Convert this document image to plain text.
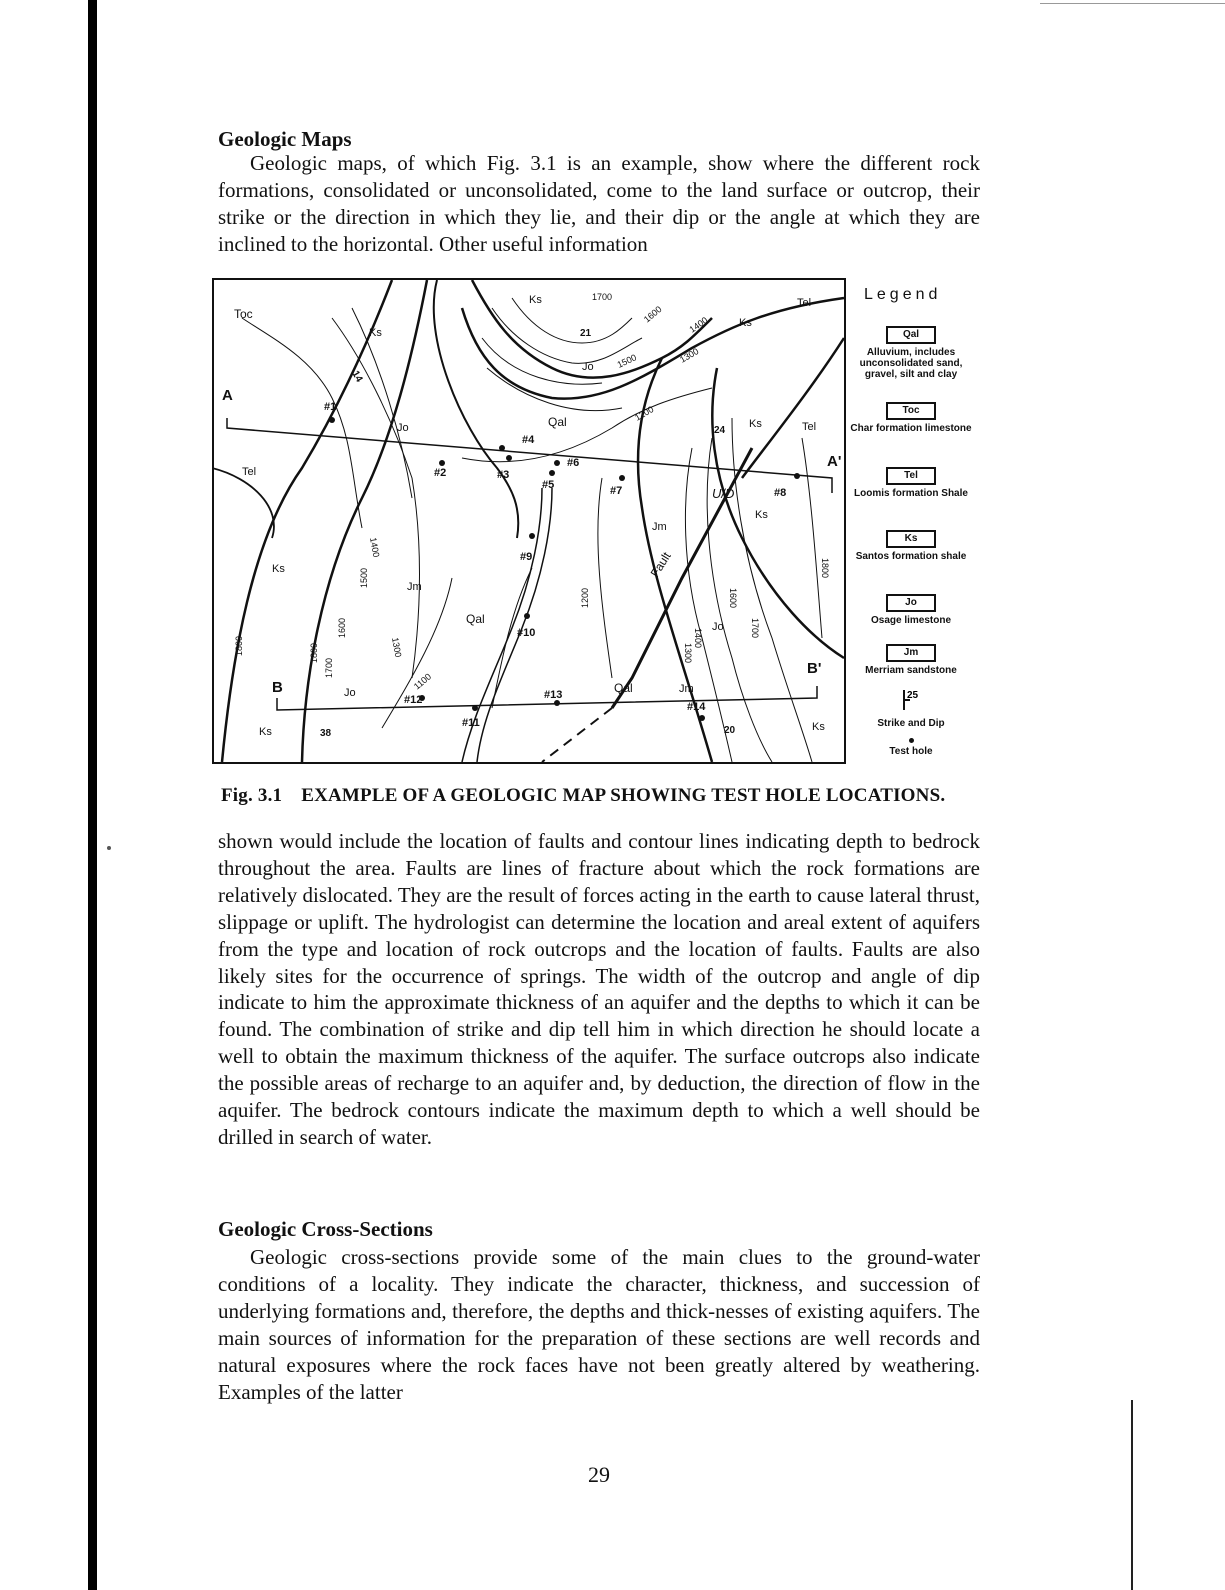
Geologic Maps

Geologic maps, of which Fig. 3.1 is an example, show where the different rock formations, consolidated or unconsolidated, come to the land surface or outcrop, their strike or the direction in which they lie, and their dip or the angle at which they are inclined to the horizontal. Other useful information

Toc
Tel
Tel
Tel
Ks
Ks
Ks
Ks
Ks
Ks
Ks	Ks
Jo
Jo
Jo
Jo
Jm
Jm
Jm
Qal
Qal
Qal
A
A'
B
B'
Fault
U/D
1700
1600
1500
1400
1300
1200
1100
1800	1800
1700
1600
1500
1400
1300
1200
1300
1400
1600
1700
1800
#1
#2	#3
#4
#5
#6
#7	#8
#9
#10
#11
#12	#13
#14
21
14
24
38	20
Legend
Qal
Alluvium, includes unconsolidated sand, gravel, silt and clay
Toc
Char formation limestone
Tel
Loomis formation Shale
Ks
Santos formation shale
Jo
Osage limestone
Jm
Merriam sandstone
25
Strike and Dip
Test hole
Fig. 3.1 EXAMPLE OF A GEOLOGIC MAP SHOWING TEST HOLE LOCATIONS.

shown would include the location of faults and contour lines indicating depth to bedrock throughout the area. Faults are lines of fracture about which the rock formations are relatively dislocated. They are the result of forces acting in the earth to cause lateral thrust, slippage or uplift. The hydrologist can determine the location and areal extent of aquifers from the type and location of rock outcrops and the location of faults. Faults are also likely sites for the occurrence of springs. The width of the outcrop and angle of dip indicate to him the approximate thickness of an aquifer and the depths to which it can be found. The combination of strike and dip tell him in which direction he should locate a well to obtain the maximum thickness of the aquifer. The surface outcrops also indicate the possible areas of recharge to an aquifer and, by deduction, the direction of flow in the aquifer. The bedrock contours indicate the maximum depth to which a well should be drilled in search of water.

Geologic Cross-Sections

Geologic cross-sections provide some of the main clues to the ground-water conditions of a locality. They indicate the character, thickness, and succession of underlying formations and, therefore, the depths and thick-nesses of existing aquifers. The main sources of information for the preparation of these sections are well records and natural exposures where the rock faces have not been greatly altered by weathering. Examples of the latter

29
